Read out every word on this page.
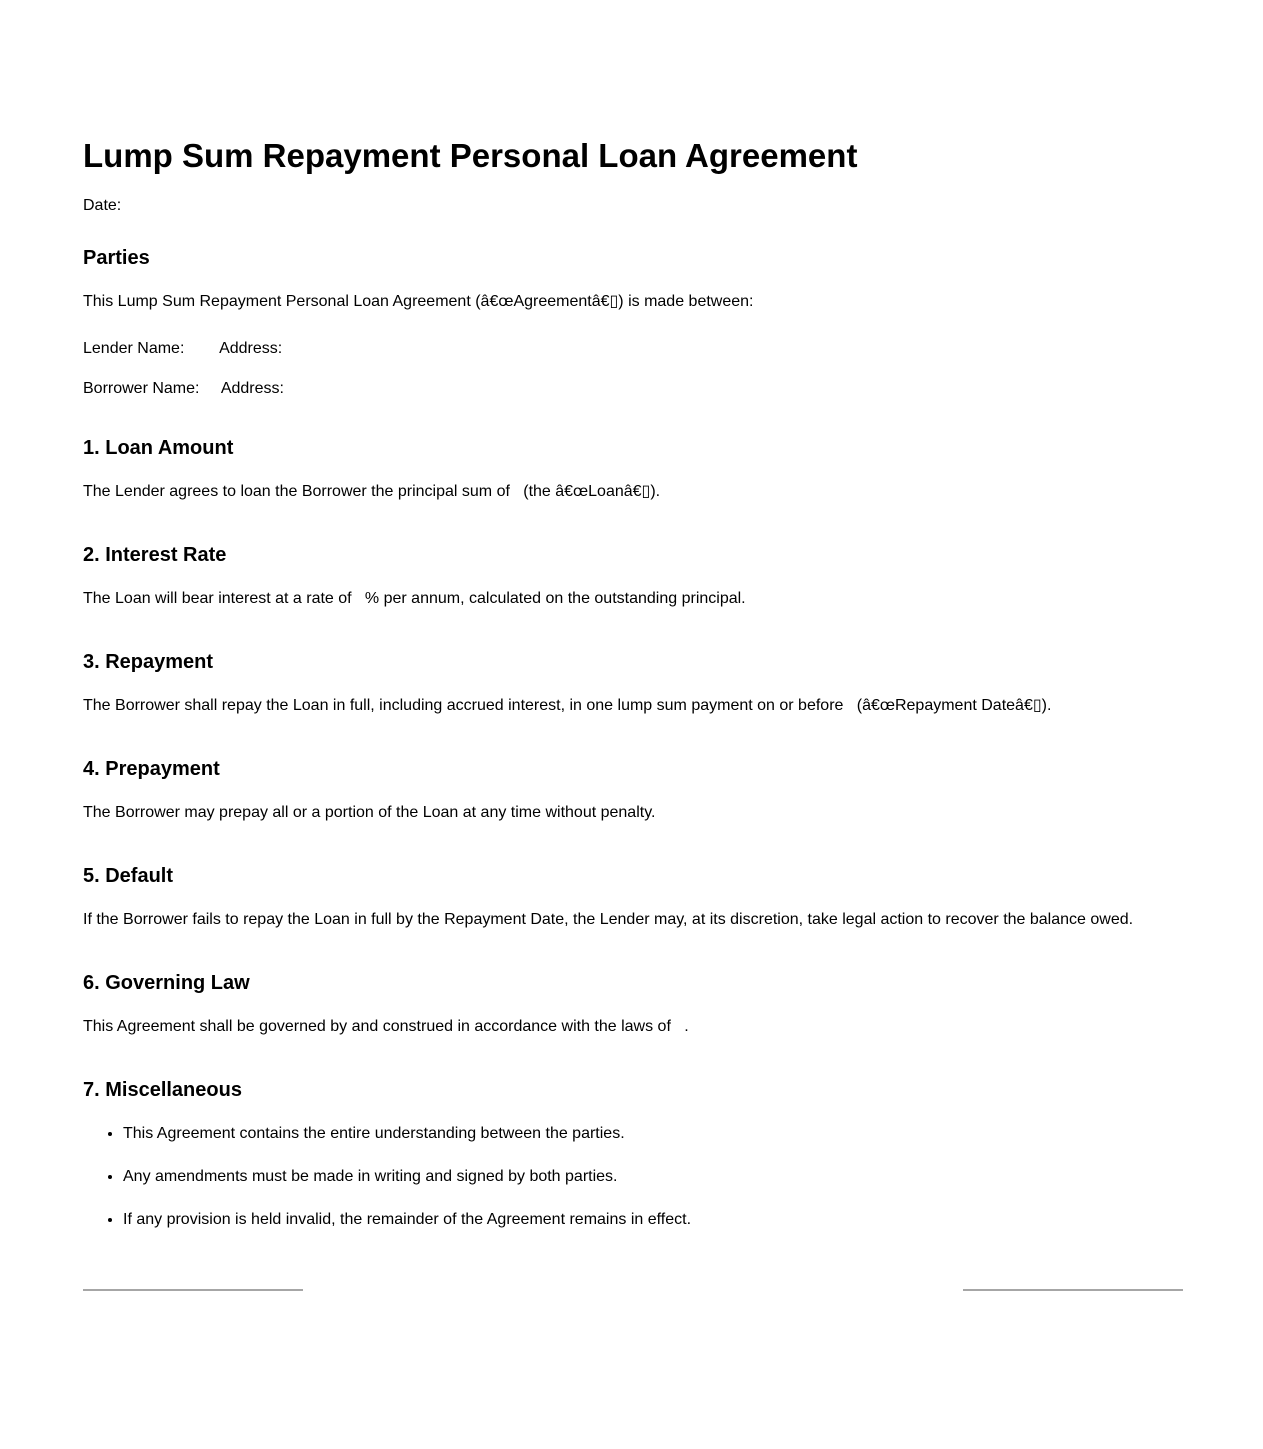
Lump Sum Repayment Personal Loan Agreement

Date:

Parties

This Lump Sum Repayment Personal Loan Agreement (â€œAgreementâ€▯) is made between:

Lender Name:        Address:

Borrower Name:     Address:

1. Loan Amount

The Lender agrees to loan the Borrower the principal sum of   (the â€œLoanâ€▯).

2. Interest Rate

The Loan will bear interest at a rate of   % per annum, calculated on the outstanding principal.

3. Repayment

The Borrower shall repay the Loan in full, including accrued interest, in one lump sum payment on or before   (â€œRepayment Dateâ€▯).

4. Prepayment

The Borrower may prepay all or a portion of the Loan at any time without penalty.

5. Default

If the Borrower fails to repay the Loan in full by the Repayment Date, the Lender may, at its discretion, take legal action to recover the balance owed.

6. Governing Law

This Agreement shall be governed by and construed in accordance with the laws of   .

7. Miscellaneous
• This Agreement contains the entire understanding between the parties.
• Any amendments must be made in writing and signed by both parties.
• If any provision is held invalid, the remainder of the Agreement remains in effect.
